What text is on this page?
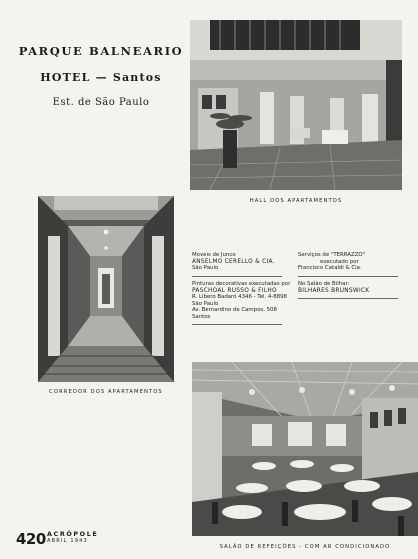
PARQUE BALNEARIO
HOTEL — Santos
Est. de São Paulo
HALL DOS APARTAMENTOS
CORREDOR DOS APARTAMENTOS
Moveis de Junco
ANSELMO CERELLO & CIA.
São Paulo
Pinturas decorativas executadas por
PASCHOAL RUSSO & FILHO
R. Líbero Badaró 4346 - Tel. 4-8898
São Paulo
Av. Bernardino de Campos, 508
Santos
Serviços de "TERRAZZO"
executado por
Francisco Cataldi & Cia.
No Salão de Bilhar:
BILHARES BRUNSWICK
SALÃO DE REFEIÇÕES - COM AR CONDICIONADO
420 ACRÓPOLE
ABRIL 1943
